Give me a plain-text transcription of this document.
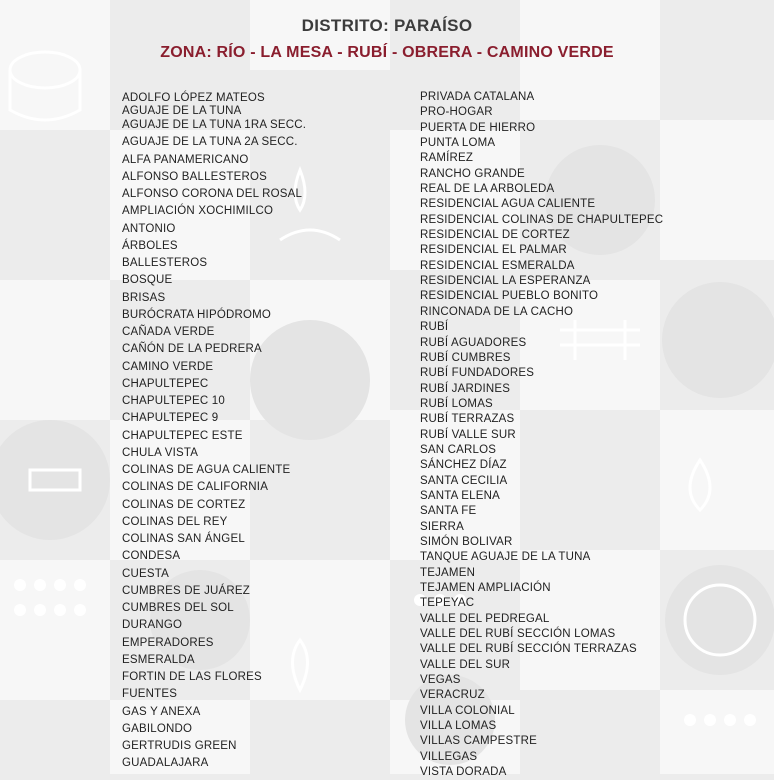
DISTRITO: PARAÍSO
ZONA: RÍO - LA MESA - RUBÍ - OBRERA - CAMINO VERDE
ADOLFO LÓPEZ MATEOS
AGUAJE DE LA TUNA
AGUAJE DE LA TUNA 1RA SECC.
AGUAJE DE LA TUNA 2A SECC.
ALFA PANAMERICANO
ALFONSO BALLESTEROS
ALFONSO CORONA DEL ROSAL
AMPLIACIÓN XOCHIMILCO
ANTONIO
ÁRBOLES
BALLESTEROS
BOSQUE
BRISAS
BURÓCRATA HIPÓDROMO
CAÑADA VERDE
CAÑÓN DE LA PEDRERA
CAMINO VERDE
CHAPULTEPEC
CHAPULTEPEC 10
CHAPULTEPEC 9
CHAPULTEPEC ESTE
CHULA VISTA
COLINAS DE AGUA CALIENTE
COLINAS DE CALIFORNIA
COLINAS DE CORTEZ
COLINAS DEL REY
COLINAS SAN ÁNGEL
CONDESA
CUESTA
CUMBRES DE JUÁREZ
CUMBRES DEL SOL
DURANGO
EMPERADORES
ESMERALDA
FORTIN DE LAS FLORES
FUENTES
GAS Y ANEXA
GABILONDO
GERTRUDIS GREEN
GUADALAJARA
PRIVADA CATALANA
PRO-HOGAR
PUERTA DE HIERRO
PUNTA LOMA
RAMÍREZ
RANCHO GRANDE
REAL DE LA ARBOLEDA
RESIDENCIAL AGUA CALIENTE
RESIDENCIAL COLINAS DE CHAPULTEPEC
RESIDENCIAL DE CORTEZ
RESIDENCIAL EL PALMAR
RESIDENCIAL ESMERALDA
RESIDENCIAL LA ESPERANZA
RESIDENCIAL PUEBLO BONITO
RINCONADA DE LA CACHO
RUBÍ
RUBÍ AGUADORES
RUBÍ CUMBRES
RUBÍ FUNDADORES
RUBÍ JARDINES
RUBÍ LOMAS
RUBÍ TERRAZAS
RUBÍ VALLE SUR
SAN CARLOS
SÁNCHEZ DÍAZ
SANTA CECILIA
SANTA ELENA
SANTA FE
SIERRA
SIMÓN BOLIVAR
TANQUE AGUAJE DE LA TUNA
TEJAMEN
TEJAMEN AMPLIACIÓN
TEPEYAC
VALLE DEL PEDREGAL
VALLE DEL RUBÍ SECCIÓN LOMAS
VALLE DEL RUBÍ SECCIÓN TERRAZAS
VALLE DEL SUR
VEGAS
VERACRUZ
VILLA COLONIAL
VILLA LOMAS
VILLAS CAMPESTRE
VILLEGAS
VISTA DORADA
